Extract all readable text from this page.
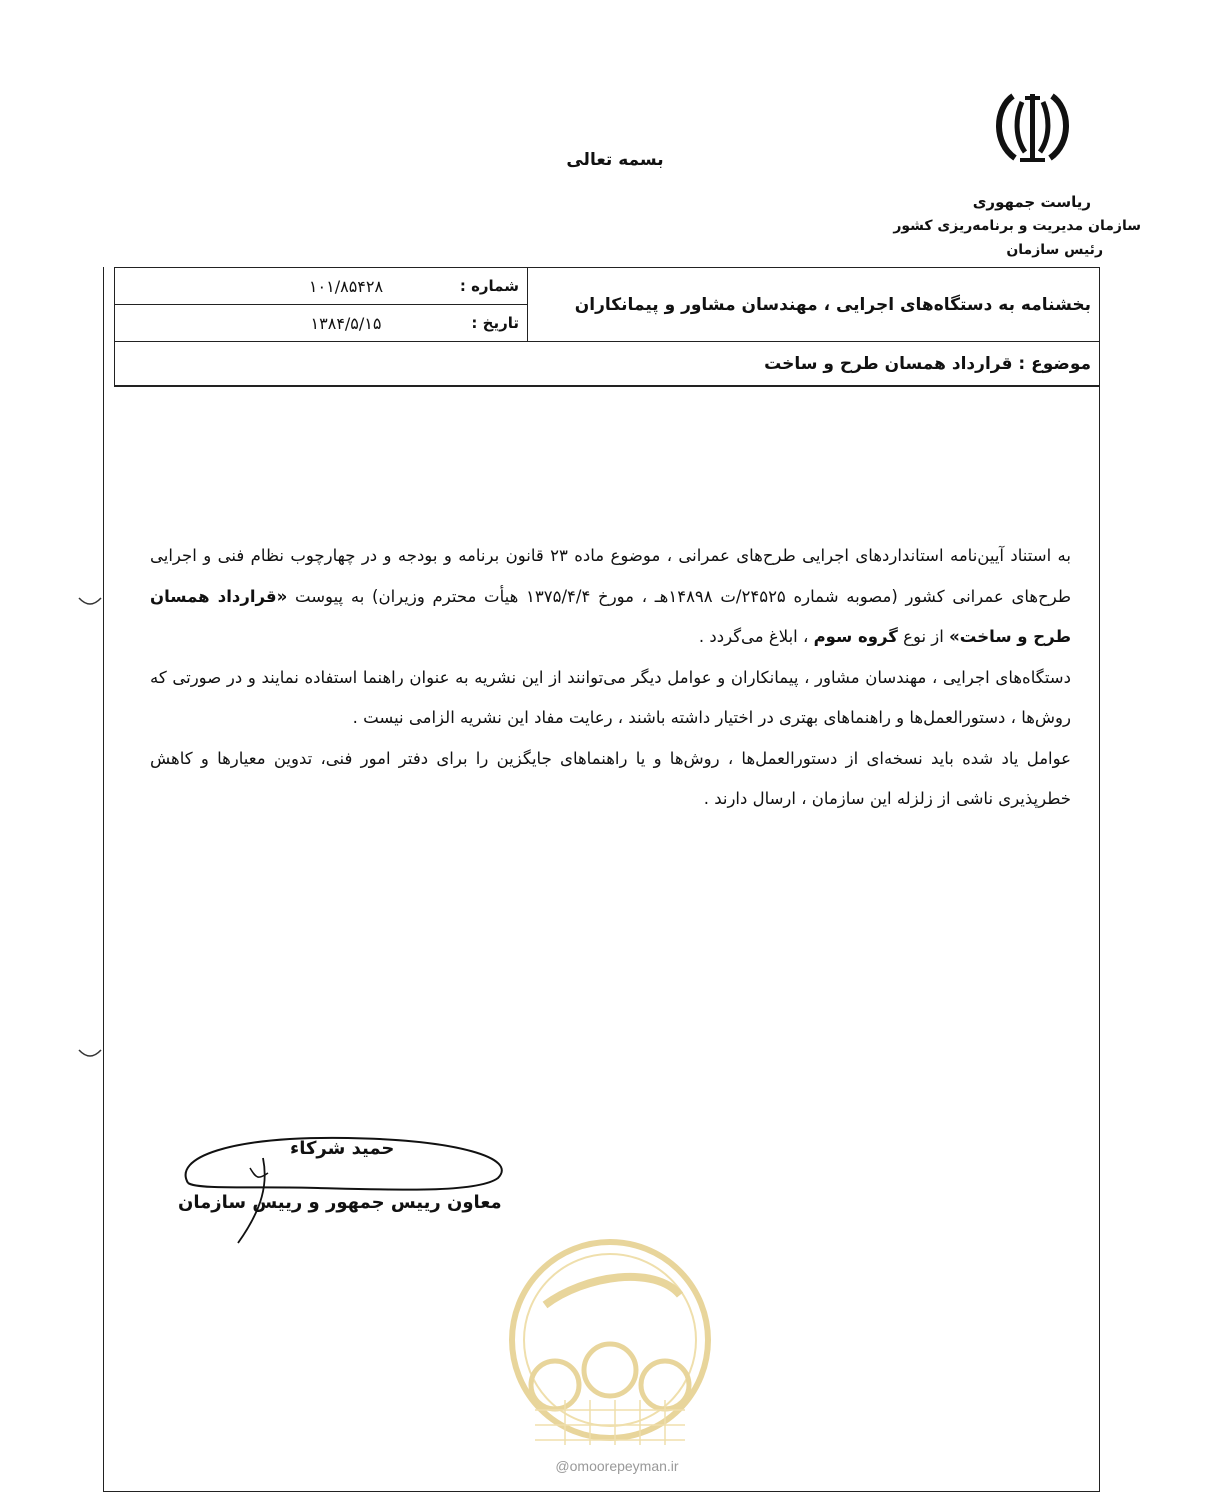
بسمه تعالی
ریاست جمهوری
سازمان مدیریت و برنامه‌ریزی کشور
رئیس سازمان
بخشنامه به دستگاه‌های اجرایی ، مهندسان مشاور و پیمانکاران
شماره :
۱۰۱/۸۵۴۲۸
تاریخ :
۱۳۸۴/۵/۱۵
موضوع : قرارداد همسان طرح و ساخت

به استناد آیین‌نامه استانداردهای اجرایی طرح‌های عمرانی ، موضوع ماده ۲۳ قانون برنامه و بودجه و در چهارچوب نظام فنی و اجرایی طرح‌های عمرانی کشور (مصوبه شماره ۲۴۵۲۵/ت ۱۴۸۹۸هـ ، مورخ ۱۳۷۵/۴/۴ هیأت محترم وزیران) به پیوست «قرارداد همسان طرح و ساخت» از نوع گروه سوم ، ابلاغ می‌گردد .

دستگاه‌های اجرایی ، مهندسان مشاور ، پیمانکاران و عوامل دیگر می‌توانند از این نشریه به عنوان راهنما استفاده نمایند و در صورتی که روش‌ها ، دستورالعمل‌ها و راهنماهای بهتری در اختیار داشته باشند ، رعایت مفاد این نشریه الزامی نیست .

عوامل یاد شده باید نسخه‌ای از دستورالعمل‌ها ، روش‌ها و یا راهنماهای جایگزین را برای دفتر امور فنی، تدوین معیارها و کاهش خطرپذیری ناشی از زلزله این سازمان ، ارسال دارند .

حمید شرکاء
معاون رییس جمهور و رییس سازمان
@omoorepeyman.ir
